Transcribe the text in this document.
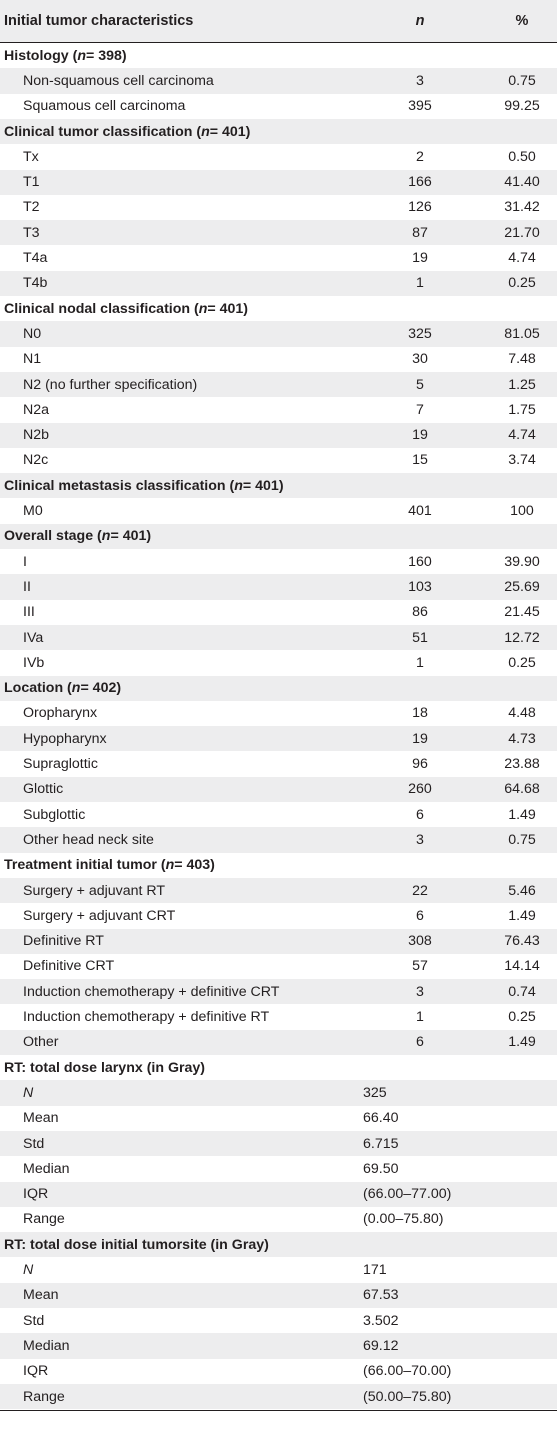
Initial tumor characteristics	n	%
Histology ( n = 398)
Non-squamous cell carcinoma	3	0.75
Squamous cell carcinoma	395	99.25
Clinical tumor classification ( n = 401)
Tx	2	0.50
T1	166	41.40
T2	126	31.42
T3	87	21.70
T4a	19	4.74
T4b	1	0.25
Clinical nodal classification ( n = 401)
N0	325	81.05
N1	30	7.48
N2 (no further specification)	5	1.25
N2a	7	1.75
N2b	19	4.74
N2c	15	3.74
Clinical metastasis classification ( n = 401)
M0	401	100
Overall stage ( n = 401)
I	160	39.90
II	103	25.69
III	86	21.45
IVa	51	12.72
IVb	1	0.25
Location ( n = 402)
Oropharynx	18	4.48
Hypopharynx	19	4.73
Supraglottic	96	23.88
Glottic	260	64.68
Subglottic	6	1.49
Other head neck site	3	0.75
Treatment initial tumor ( n = 403)
Surgery + adjuvant RT	22	5.46
Surgery + adjuvant CRT	6	1.49
Definitive RT	308	76.43
Definitive CRT	57	14.14
Induction chemotherapy + definitive CRT	3	0.74
Induction chemotherapy + definitive RT	1	0.25
Other	6	1.49
RT: total dose larynx (in Gray)
N	325
Mean	66.40
Std	6.715
Median	69.50
IQR	(66.00–77.00)
Range	(0.00–75.80)
RT: total dose initial tumorsite (in Gray)
N	171
Mean	67.53
Std	3.502
Median	69.12
IQR	(66.00–70.00)
Range	(50.00–75.80)
